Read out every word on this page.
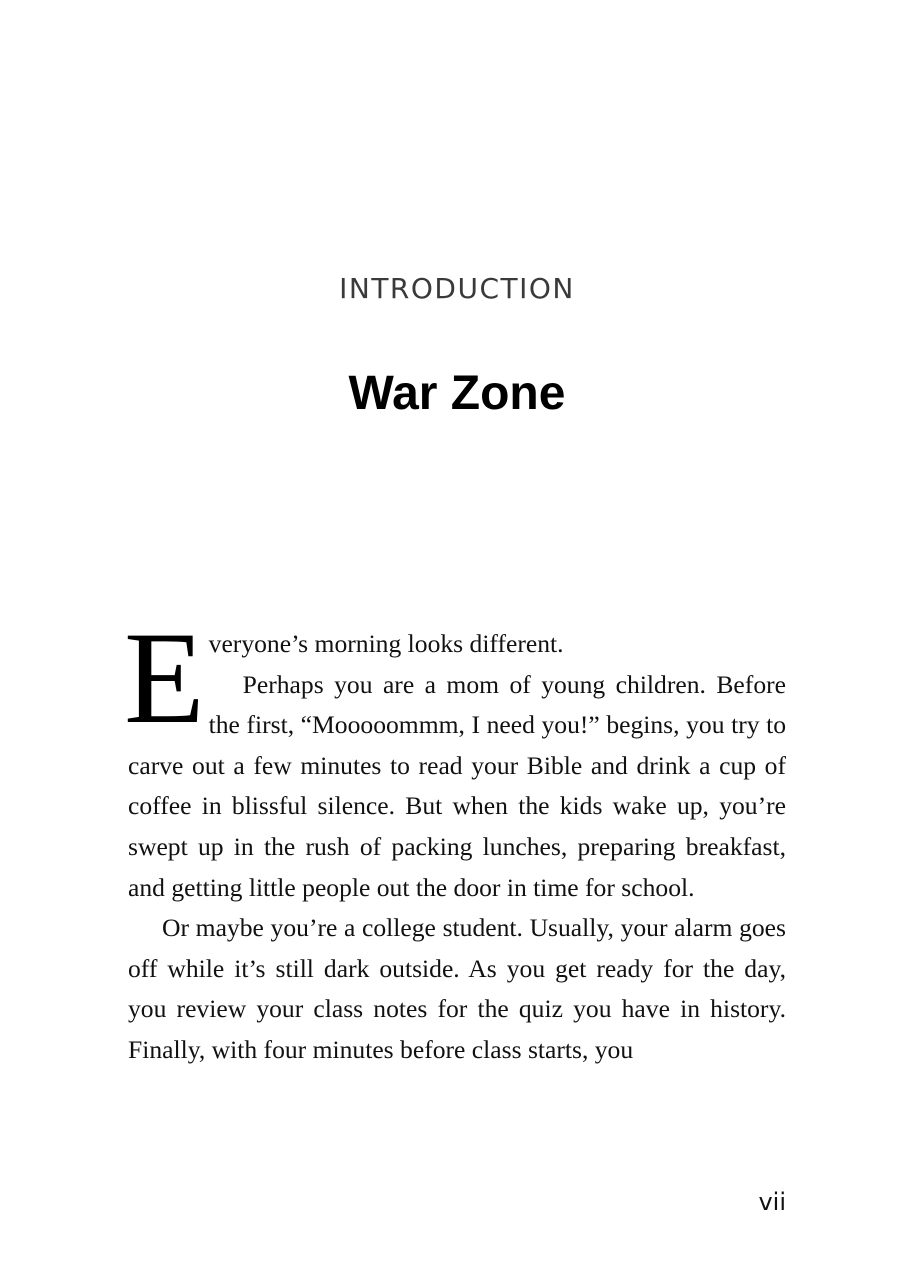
INTRODUCTION
War Zone
E veryone’s morning looks different.

Perhaps you are a mom of young children. Before the first, “Mooooommm, I need you!” begins, you try to carve out a few minutes to read your Bible and drink a cup of coffee in blissful silence. But when the kids wake up, you’re swept up in the rush of packing lunches, preparing breakfast, and getting little people out the door in time for school.

Or maybe you’re a college student. Usually, your alarm goes off while it’s still dark outside. As you get ready for the day, you review your class notes for the quiz you have in history. Finally, with four minutes before class starts, you

vii
